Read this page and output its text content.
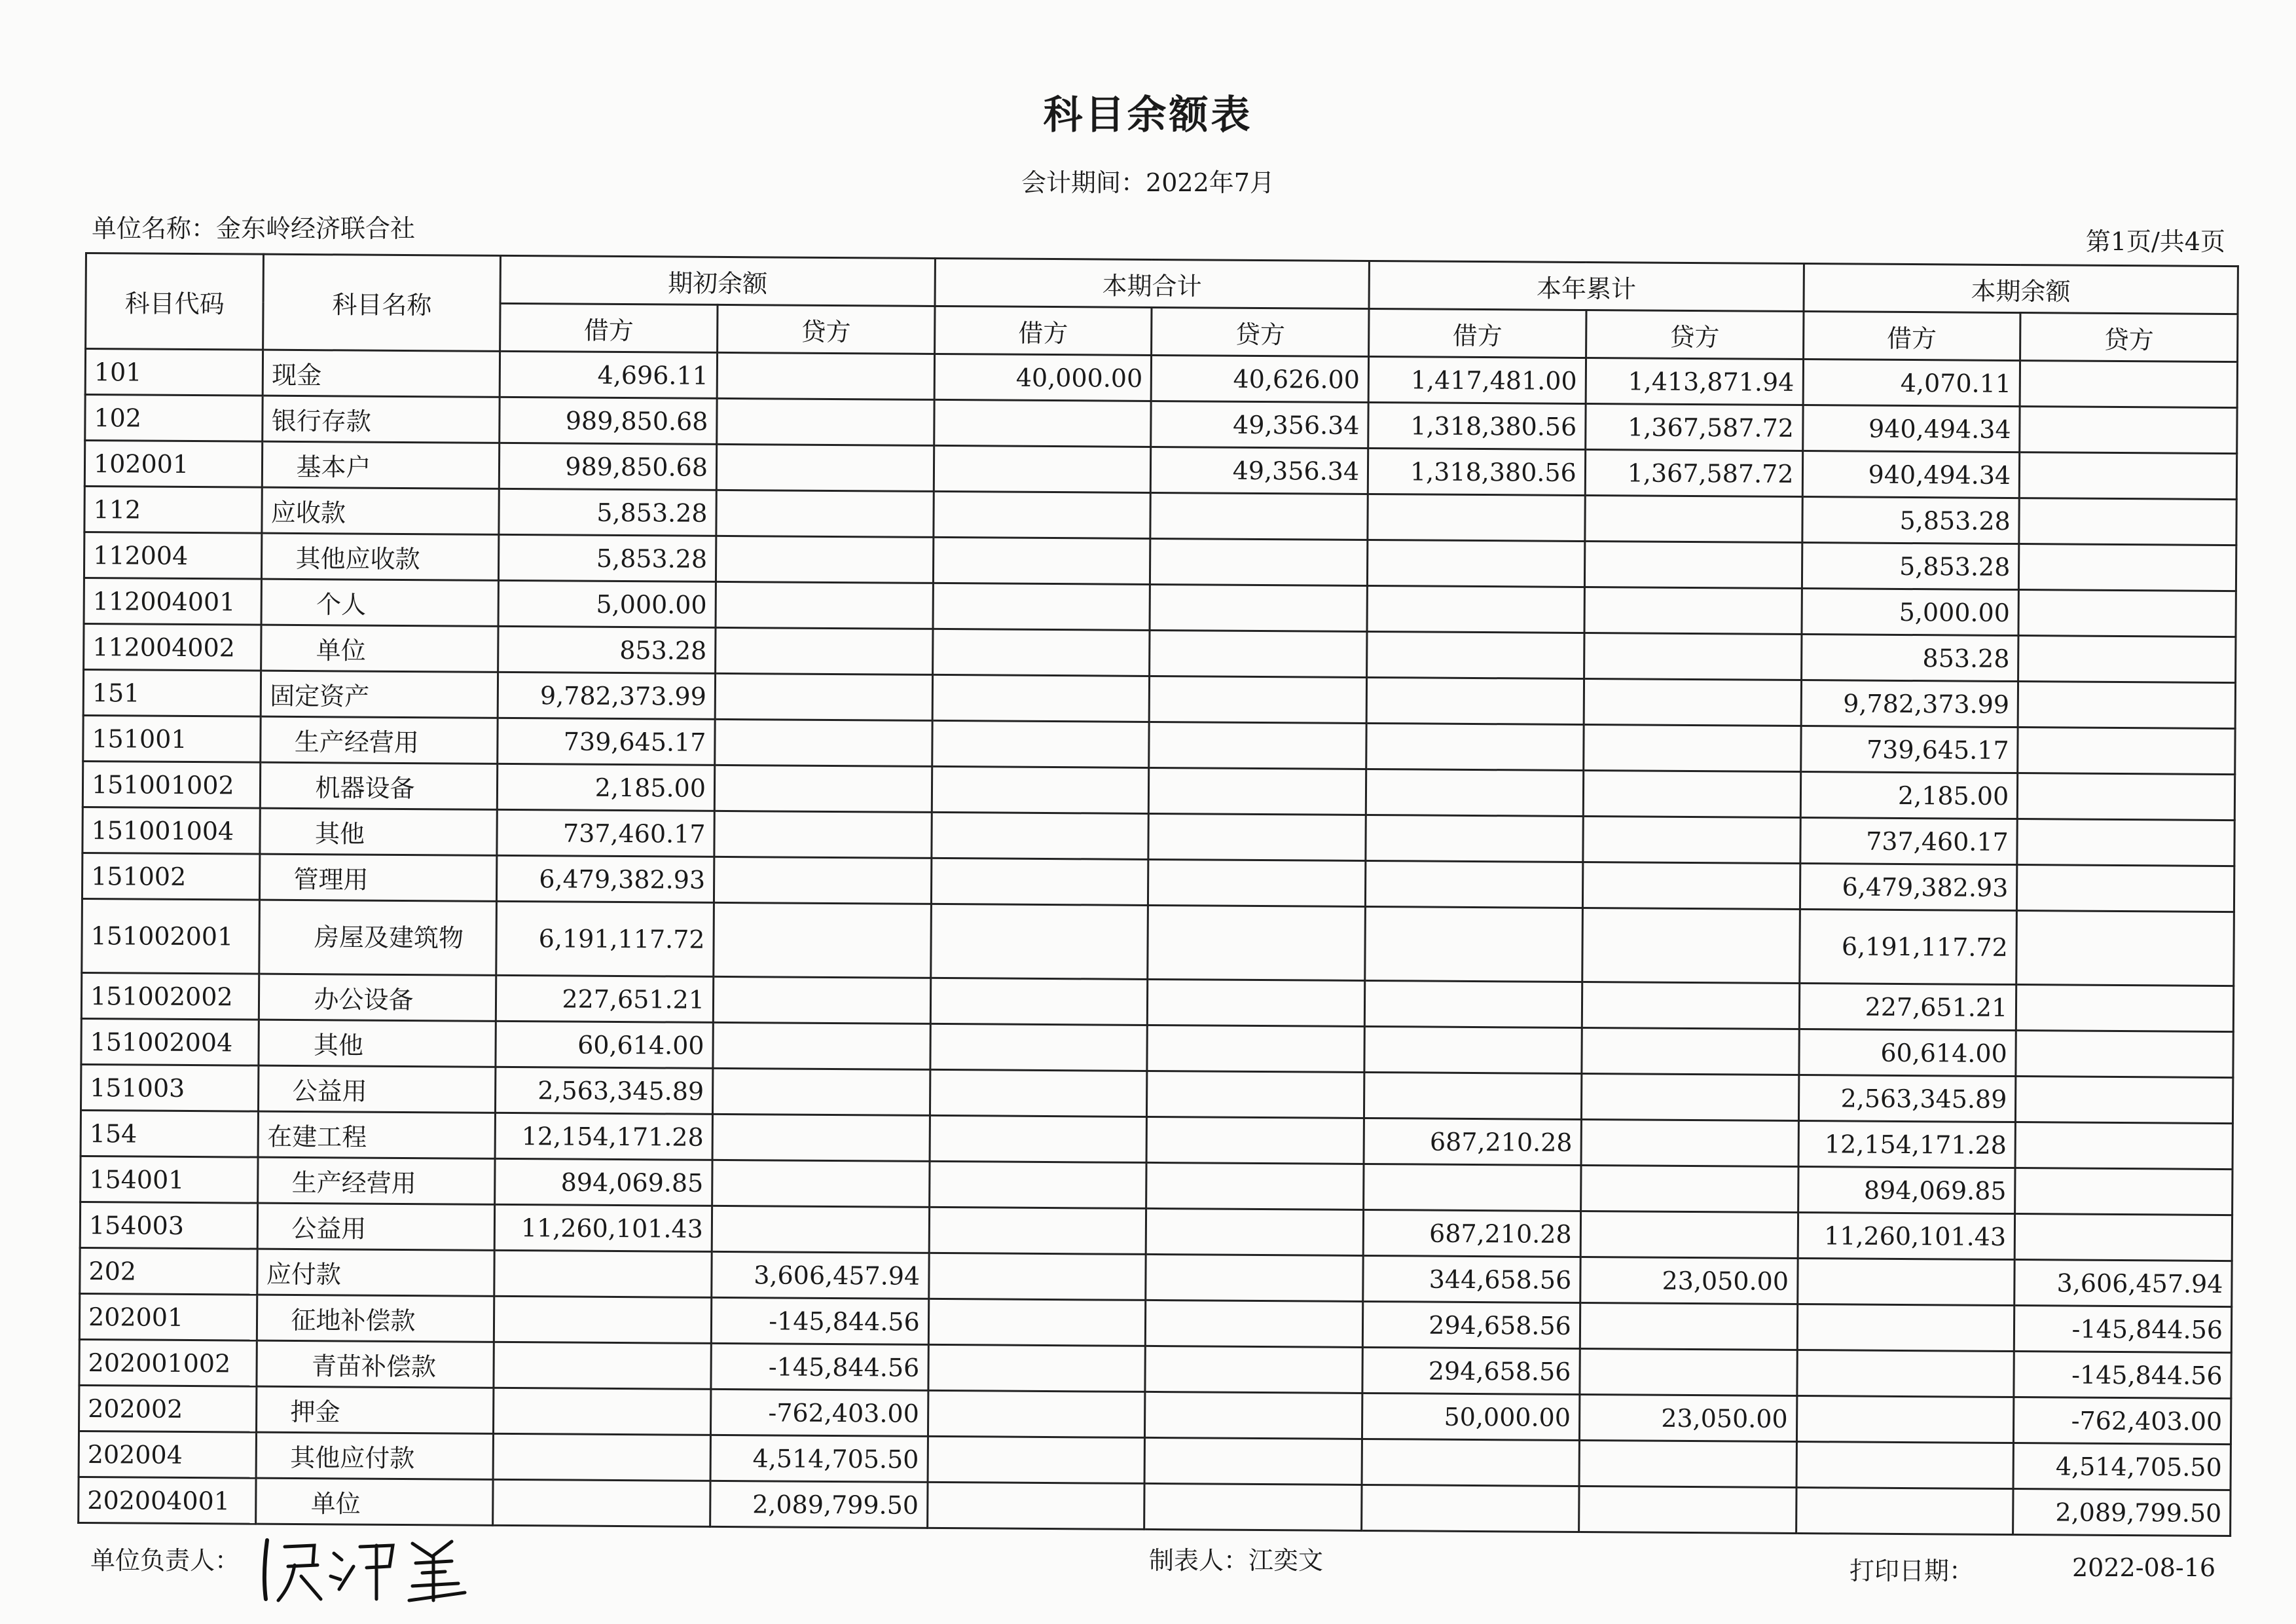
科目余额表
会计期间：2022年7月
单位名称：金东岭经济联合社	第1页/共4页
科目代码	科目名称	期初余额		本期合计		本年累计		本期余额	
		借方	贷方	借方	贷方	借方	贷方	借方	贷方
101	现金	4,696.11		40,000.00	40,626.00	1,417,481.00	1,413,871.94	4,070.11	
102	银行存款	989,850.68			49,356.34	1,318,380.56	1,367,587.72	940,494.34	
102001	基本户	989,850.68			49,356.34	1,318,380.56	1,367,587.72	940,494.34	
112	应收款	5,853.28						5,853.28	
112004	其他应收款	5,853.28						5,853.28	
112004001	个人	5,000.00						5,000.00	
112004002	单位	853.28						853.28	
151	固定资产	9,782,373.99						9,782,373.99	
151001	生产经营用	739,645.17						739,645.17	
151001002	机器设备	2,185.00						2,185.00	
151001004	其他	737,460.17						737,460.17	
151002	管理用	6,479,382.93						6,479,382.93	
151002001	房屋及建筑物	6,191,117.72						6,191,117.72	
151002002	办公设备	227,651.21						227,651.21	
151002004	其他	60,614.00						60,614.00	
151003	公益用	2,563,345.89						2,563,345.89	
154	在建工程	12,154,171.28				687,210.28		12,154,171.28	
154001	生产经营用	894,069.85						894,069.85	
154003	公益用	11,260,101.43				687,210.28		11,260,101.43	
202	应付款		3,606,457.94			344,658.56	23,050.00		3,606,457.94
202001	征地补偿款		-145,844.56			294,658.56			-145,844.56
202001002	青苗补偿款		-145,844.56			294,658.56			-145,844.56
202002	押金		-762,403.00			50,000.00	23,050.00		-762,403.00
202004	其他应付款		4,514,705.50						4,514,705.50
202004001	单位		2,089,799.50						2,089,799.50
单位负责人：	制表人：江奕文	打印日期：	2022-08-16
